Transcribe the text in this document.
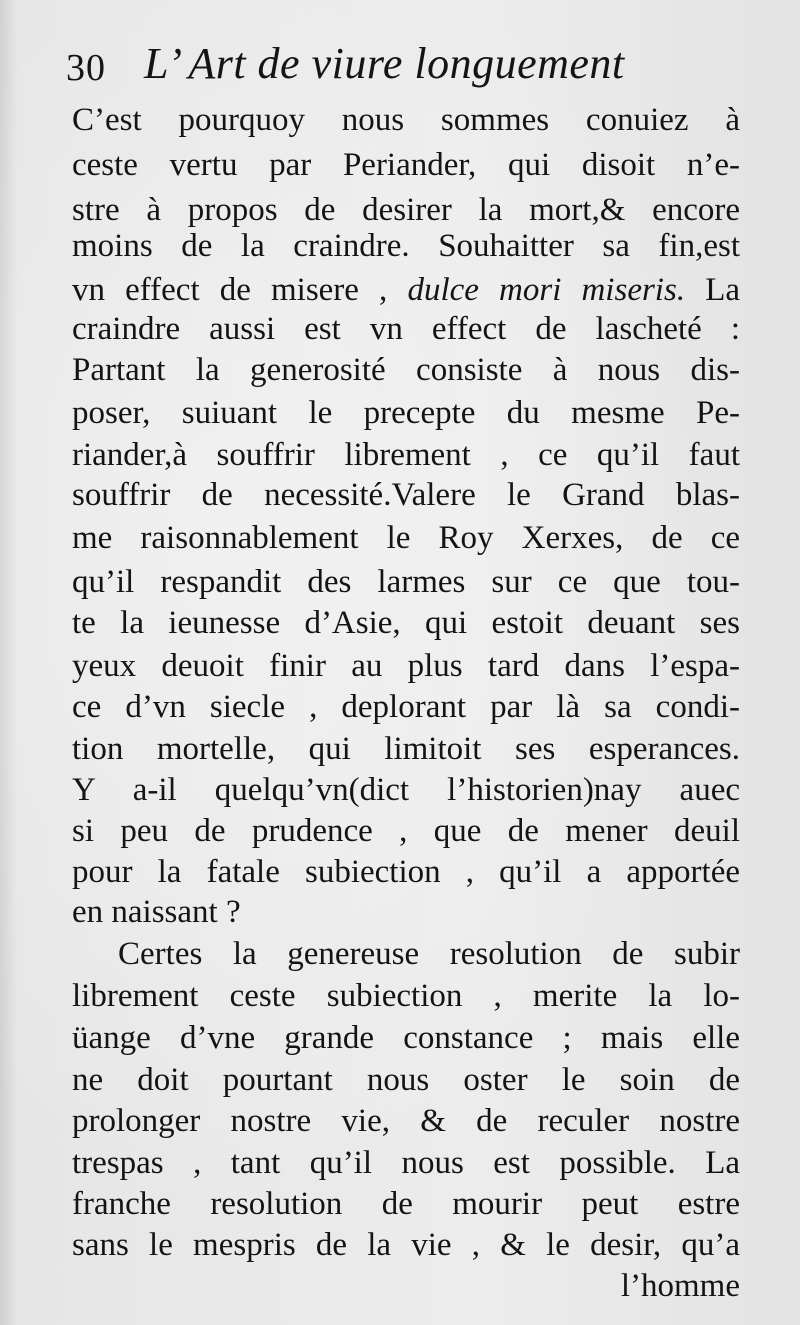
30 L’ Art de viure longuement
C’est pourquoy nous sommes conuiez à
ceste vertu par Periander, qui disoit n’e-
stre à propos de desirer la mort,& encore
moins de la craindre. Souhaitter sa fin,est
vn effect de misere , dulce mori miseris. La
craindre aussi est vn effect de lascheté :
Partant la generosité consiste à nous dis-
poser, suiuant le precepte du mesme Pe-
riander,à souffrir librement , ce qu’il faut
souffrir de necessité.Valere le Grand blas-
me raisonnablement le Roy Xerxes, de ce
qu’il respandit des larmes sur ce que tou-
te la ieunesse d’Asie, qui estoit deuant ses
yeux deuoit finir au plus tard dans l’espa-
ce d’vn siecle , deplorant par là sa condi-
tion mortelle, qui limitoit ses esperances.
Y a-il quelqu’vn(dict l’historien)nay auec
si peu de prudence , que de mener deuil
pour la fatale subiection , qu’il a apportée
en naissant ?
Certes la genereuse resolution de subir
librement ceste subiection , merite la lo-
üange d’vne grande constance ; mais elle
ne doit pourtant nous oster le soin de
prolonger nostre vie, & de reculer nostre
trespas , tant qu’il nous est possible. La
franche resolution de mourir peut estre
sans le mespris de la vie , & le desir, qu’a
l’homme
